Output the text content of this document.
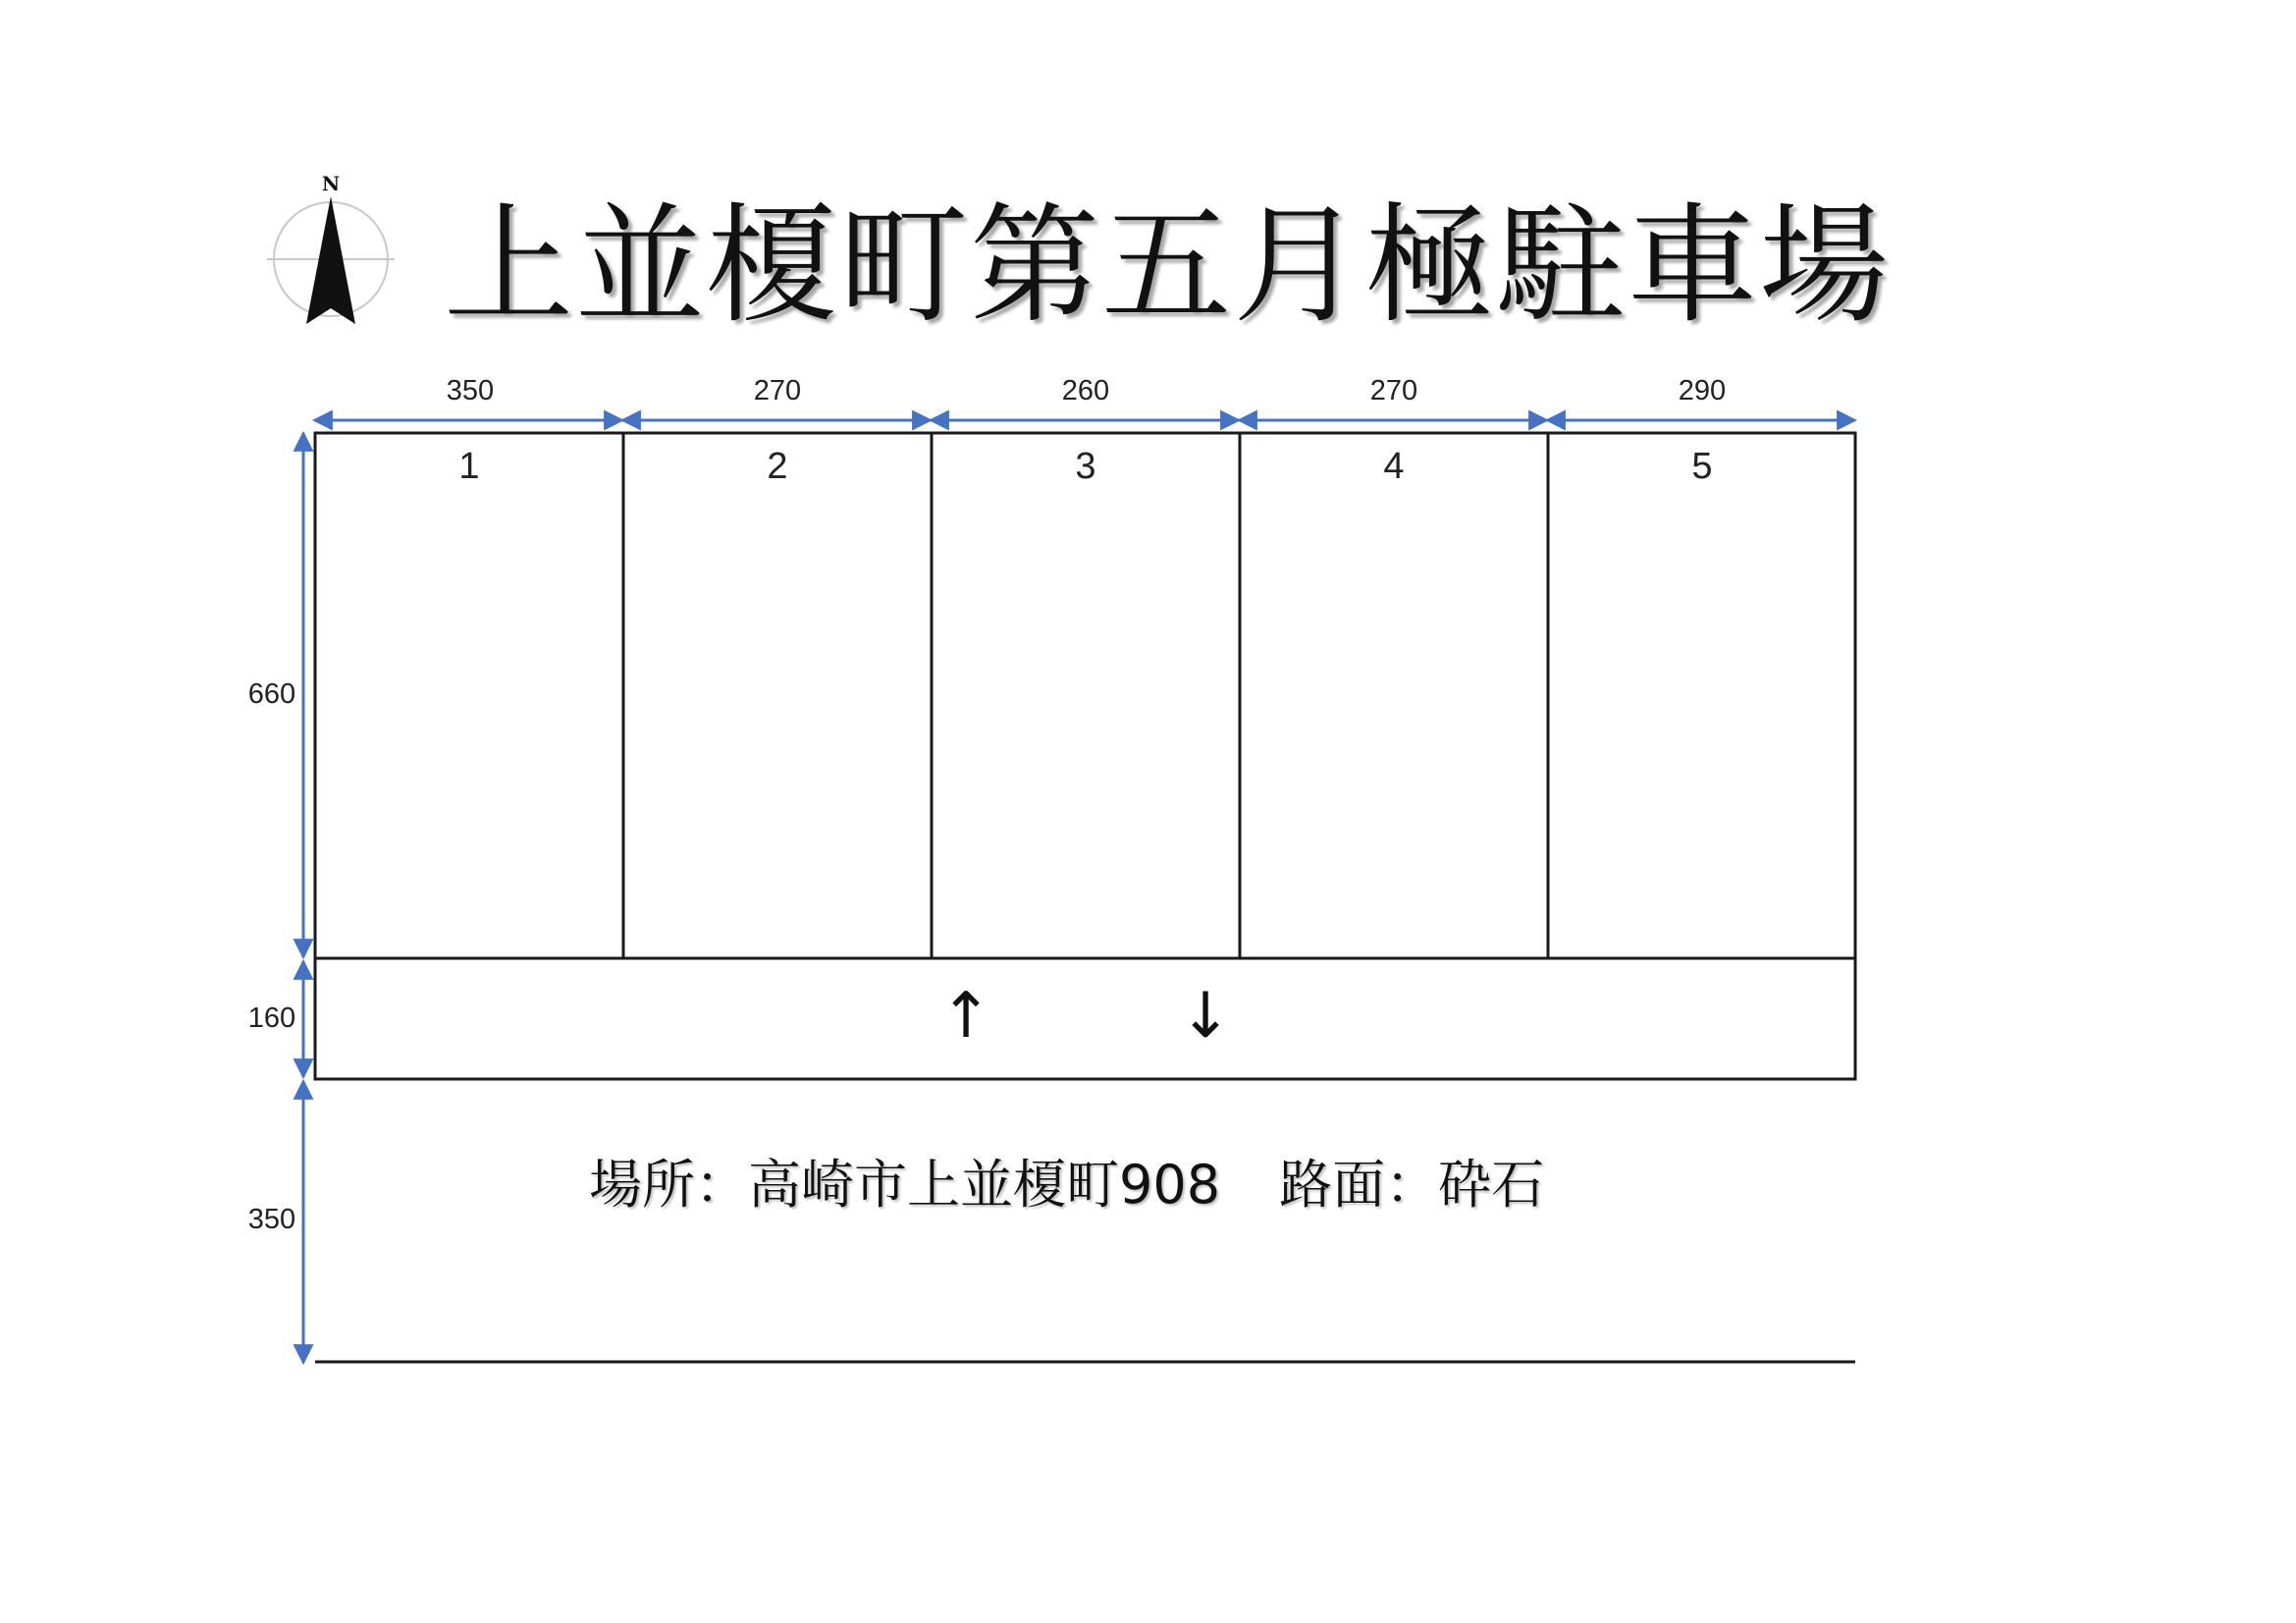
上並榎町第五月極駐車場
N
350	270	260	270	290
660
160
350
1	2	3	4	5
↑	↓
場所：高崎市上並榎町908 路面：砕石
